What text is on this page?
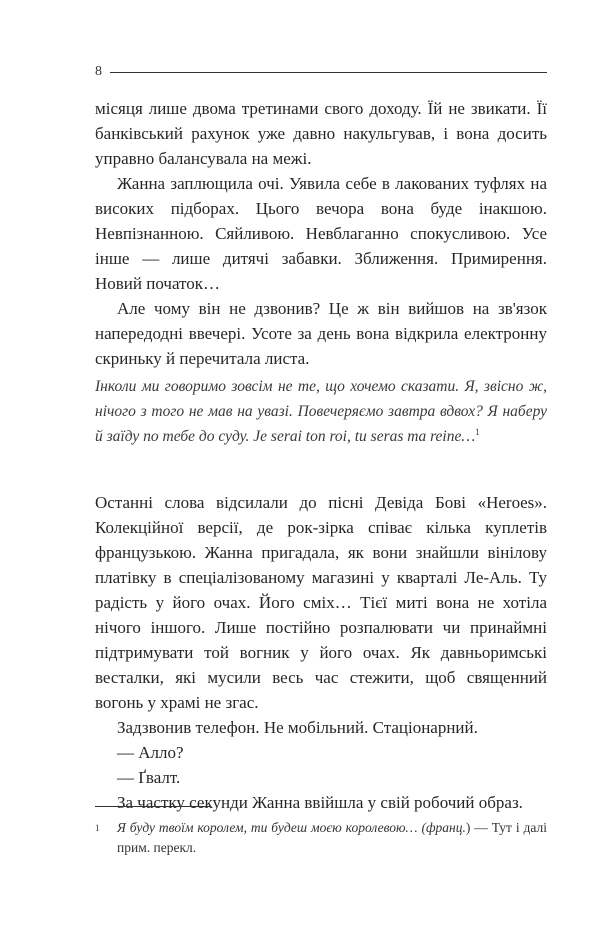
8

місяця лише двома третинами свого доходу. Їй не звикати. Її банківський рахунок уже давно накульгував, і вона досить управно балансувала на межі.

Жанна заплющила очі. Уявила себе в лакованих туфлях на високих підборах. Цього вечора вона буде інакшою. Невпізнанною. Сяйливою. Невблаганно спокусливою. Усе інше — лише дитячі забавки. Зближення. Примирення. Новий початок…

Але чому він не дзвонив? Це ж він вийшов на зв'язок напередодні ввечері. Усоте за день вона відкрила електронну скриньку й перечитала листа.

Інколи ми говоримо зовсім не те, що хочемо сказати. Я, звісно ж, нічого з того не мав на увазі. Повечеряємо завтра вдвох? Я наберу й заїду по тебе до суду. Je serai ton roi, tu seras ma reine…$^1$

Останні слова відсилали до пісні Девіда Бові «Heroes». Колекційної версії, де рок-зірка співає кілька куплетів французькою. Жанна пригадала, як вони знайшли вінілову платівку в спеціалізованому магазині у кварталі Ле-Аль. Ту радість у його очах. Його сміх… Тієї миті вона не хотіла нічого іншого. Лише постійно розпалювати чи принаймні підтримувати той вогник у його очах. Як давньоримські весталки, які мусили весь час стежити, щоб священний вогонь у храмі не згас.

Задзвонив телефон. Не мобільний. Стаціонарний.

— Алло?

— Ґвалт.

За частку секунди Жанна ввійшла у свій робочий образ.

1	Я буду твоїм королем, ти будеш моєю королевою… (франц.) — Тут і далі прим. перекл.
